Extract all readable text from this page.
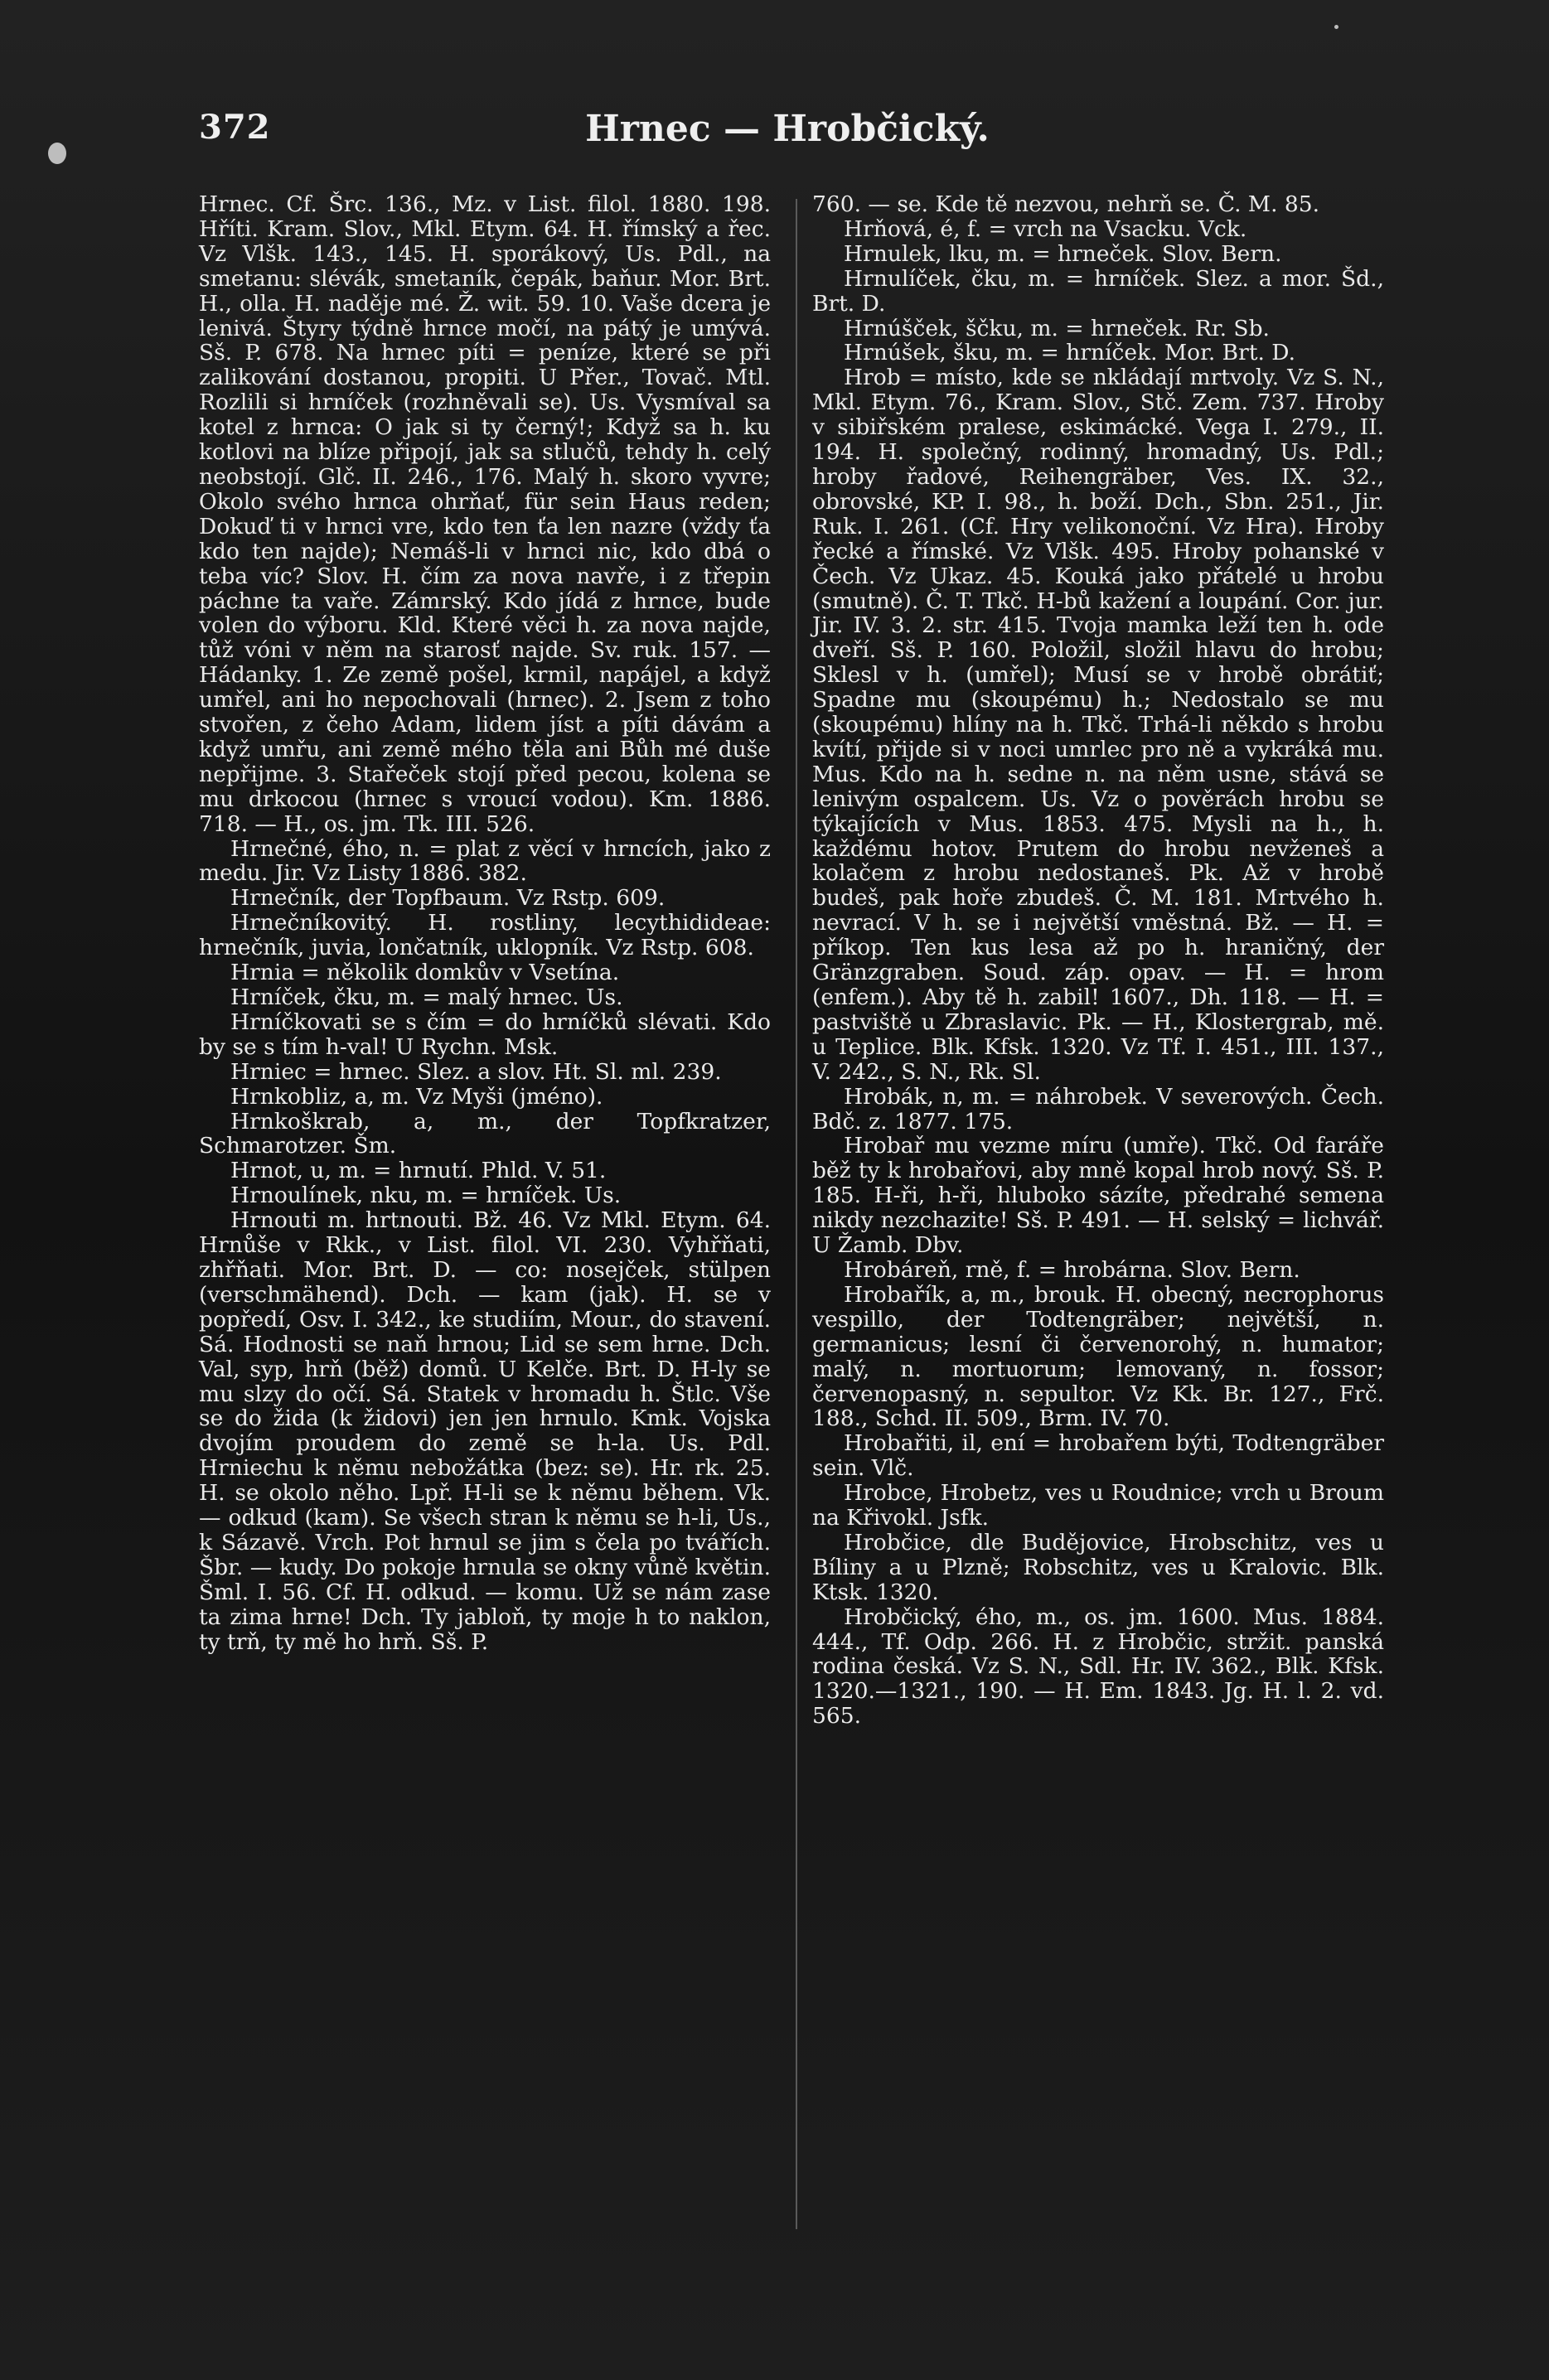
372	Hrnec — Hrobčický.

Hrnec. Cf. Šrc. 136., Mz. v List. filol. 1880. 198. Hříti. Kram. Slov., Mkl. Etym. 64. H. římský a řec. Vz Vlšk. 143., 145. H. sporákový, Us. Pdl., na smetanu: slévák, smetaník, čepák, baňur. Mor. Brt. H., olla. H. naděje mé. Ž. wit. 59. 10. Vaše dcera je lenivá. Štyry týdně hrnce močí, na pátý je umývá. Sš. P. 678. Na hrnec píti = peníze, které se při zalikování dostanou, propiti. U Přer., Tovač. Mtl. Rozlili si hrníček (rozhněvali se). Us. Vysmíval sa kotel z hrnca: O jak si ty černý!; Když sa h. ku kotlovi na blíze připojí, jak sa stlučů, tehdy h. celý neobstojí. Glč. II. 246., 176. Malý h. skoro vyvre; Okolo svého hrnca ohrňať, für sein Haus reden; Dokuď ti v hrnci vre, kdo ten ťa len nazre (vždy ťa kdo ten najde); Nemáš-li v hrnci nic, kdo dbá o teba víc? Slov. H. čím za nova navře, i z třepin páchne ta vaře. Zámrský. Kdo jídá z hrnce, bude volen do výboru. Kld. Které věci h. za nova najde, tůž vóni v něm na starosť najde. Sv. ruk. 157. — Hádanky. 1. Ze země pošel, krmil, napájel, a když umřel, ani ho nepochovali (hrnec). 2. Jsem z toho stvořen, z čeho Adam, lidem jíst a píti dávám a když umřu, ani země mého těla ani Bůh mé duše nepřijme. 3. Stařeček stojí před pecou, kolena se mu drkocou (hrnec s vroucí vodou). Km. 1886. 718. — H., os. jm. Tk. III. 526.

Hrnečné, ého, n. = plat z věcí v hrncích, jako z medu. Jir. Vz Listy 1886. 382.

Hrnečník, der Topfbaum. Vz Rstp. 609.

Hrnečníkovitý. H. rostliny, lecythidideae: hrnečník, juvia, lončatník, uklopník. Vz Rstp. 608.

Hrnia = několik domkův v Vsetína.

Hrníček, čku, m. = malý hrnec. Us.

Hrníčkovati se s čím = do hrníčků slévati. Kdo by se s tím h-val! U Rychn. Msk.

Hrniec = hrnec. Slez. a slov. Ht. Sl. ml. 239.

Hrnkobliz, a, m. Vz Myši (jméno).

Hrnkoškrab, a, m., der Topfkratzer, Schmarotzer. Šm.

Hrnot, u, m. = hrnutí. Phld. V. 51.

Hrnoulínek, nku, m. = hrníček. Us.

Hrnouti m. hrtnouti. Bž. 46. Vz Mkl. Etym. 64. Hrnůše v Rkk., v List. filol. VI. 230. Vyhřňati, zhřňati. Mor. Brt. D. — co: nosejček, stülpen (verschmähend). Dch. — kam (jak). H. se v popředí, Osv. I. 342., ke studiím, Mour., do stavení. Sá. Hodnosti se naň hrnou; Lid se sem hrne. Dch. Val, syp, hrň (běž) domů. U Kelče. Brt. D. H-ly se mu slzy do očí. Sá. Statek v hromadu h. Štlc. Vše se do žida (k židovi) jen jen hrnulo. Kmk. Vojska dvojím proudem do země se h-la. Us. Pdl. Hrniechu k němu nebožátka (bez: se). Hr. rk. 25. H. se okolo něho. Lpř. H-li se k němu během. Vk. — odkud (kam). Se všech stran k němu se h-li, Us., k Sázavě. Vrch. Pot hrnul se jim s čela po tvářích. Šbr. — kudy. Do pokoje hrnula se okny vůně květin. Šml. I. 56. Cf. H. odkud. — komu. Už se nám zase ta zima hrne! Dch. Ty jabloň, ty moje h to naklon, ty trň, ty mě ho hrň. Sš. P.

760. — se. Kde tě nezvou, nehrň se. Č. M. 85.

Hrňová, é, f. = vrch na Vsacku. Vck.

Hrnulek, lku, m. = hrneček. Slov. Bern.

Hrnulíček, čku, m. = hrníček. Slez. a mor. Šd., Brt. D.

Hrnúšček, ščku, m. = hrneček. Rr. Sb.

Hrnúšek, šku, m. = hrníček. Mor. Brt. D.

Hrob = místo, kde se nkládají mrtvoly. Vz S. N., Mkl. Etym. 76., Kram. Slov., Stč. Zem. 737. Hroby v sibiřském pralese, eskimácké. Vega I. 279., II. 194. H. společný, rodinný, hromadný, Us. Pdl.; hroby řadové, Reihengräber, Ves. IX. 32., obrovské, KP. I. 98., h. boží. Dch., Sbn. 251., Jir. Ruk. I. 261. (Cf. Hry velikonoční. Vz Hra). Hroby řecké a římské. Vz Vlšk. 495. Hroby pohanské v Čech. Vz Ukaz. 45. Kouká jako přátelé u hrobu (smutně). Č. T. Tkč. H-bů kažení a loupání. Cor. jur. Jir. IV. 3. 2. str. 415. Tvoja mamka leží ten h. ode dveří. Sš. P. 160. Položil, složil hlavu do hrobu; Sklesl v h. (umřel); Musí se v hrobě obrátiť; Spadne mu (skoupému) h.; Nedostalo se mu (skoupému) hlíny na h. Tkč. Trhá-li někdo s hrobu kvítí, přijde si v noci umrlec pro ně a vykráká mu. Mus. Kdo na h. sedne n. na něm usne, stává se lenivým ospalcem. Us. Vz o pověrách hrobu se týkajících v Mus. 1853. 475. Mysli na h., h. každému hotov. Prutem do hrobu nevženeš a kolačem z hrobu nedostaneš. Pk. Až v hrobě budeš, pak hoře zbudeš. Č. M. 181. Mrtvého h. nevrací. V h. se i největší vměstná. Bž. — H. = příkop. Ten kus lesa až po h. hraničný, der Gränzgraben. Soud. záp. opav. — H. = hrom (enfem.). Aby tě h. zabil! 1607., Dh. 118. — H. = pastviště u Zbraslavic. Pk. — H., Klostergrab, mě. u Teplice. Blk. Kfsk. 1320. Vz Tf. I. 451., III. 137., V. 242., S. N., Rk. Sl.

Hrobák, n, m. = náhrobek. V severových. Čech. Bdč. z. 1877. 175.

Hrobař mu vezme míru (umře). Tkč. Od faráře běž ty k hrobařovi, aby mně kopal hrob nový. Sš. P. 185. H-ři, h-ři, hluboko sázíte, předrahé semena nikdy nezchazite! Sš. P. 491. — H. selský = lichvář. U Žamb. Dbv.

Hrobáreň, rně, f. = hrobárna. Slov. Bern.

Hrobařík, a, m., brouk. H. obecný, necrophorus vespillo, der Todtengräber; největší, n. germanicus; lesní či červenorohý, n. humator; malý, n. mortuorum; lemovaný, n. fossor; červenopasný, n. sepultor. Vz Kk. Br. 127., Frč. 188., Schd. II. 509., Brm. IV. 70.

Hrobařiti, il, ení = hrobařem býti, Todtengräber sein. Vlč.

Hrobce, Hrobetz, ves u Roudnice; vrch u Broum na Křivokl. Jsfk.

Hrobčice, dle Budějovice, Hrobschitz, ves u Bíliny a u Plzně; Robschitz, ves u Kralovic. Blk. Ktsk. 1320.

Hrobčický, ého, m., os. jm. 1600. Mus. 1884. 444., Tf. Odp. 266. H. z Hrobčic, stržit. panská rodina česká. Vz S. N., Sdl. Hr. IV. 362., Blk. Kfsk. 1320.—1321., 190. — H. Em. 1843. Jg. H. l. 2. vd. 565.
